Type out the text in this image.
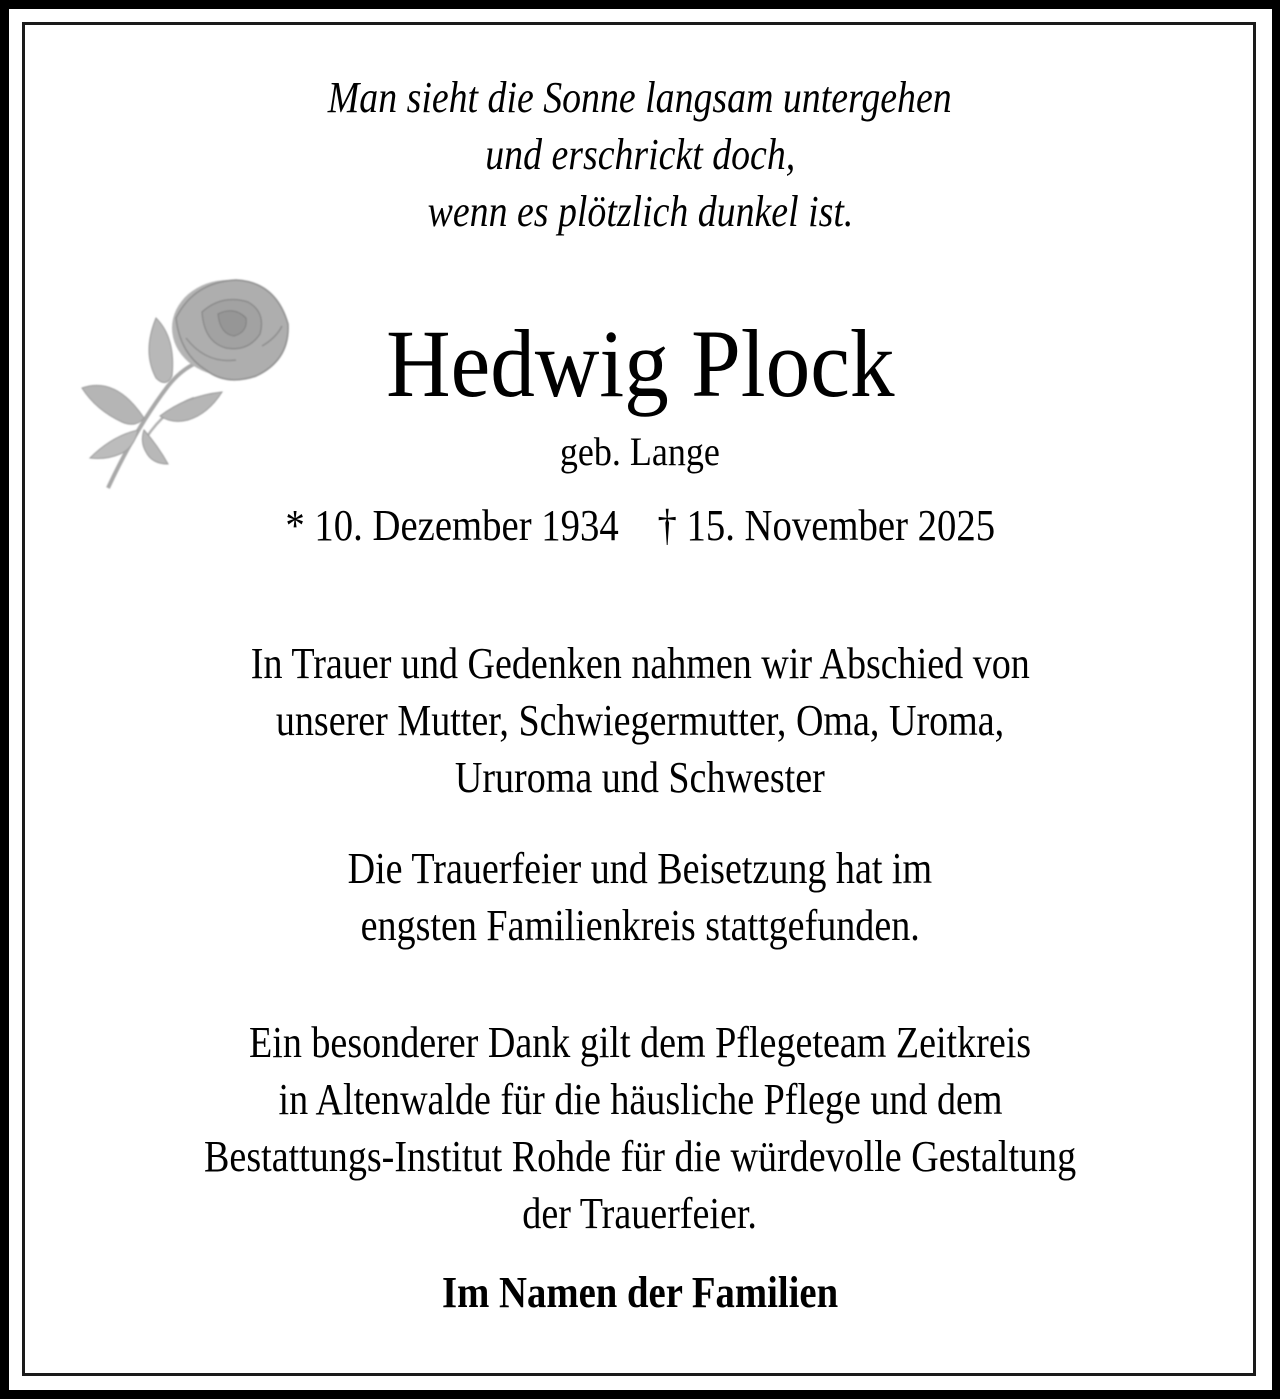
Man sieht die Sonne langsam untergehen
und erschrickt doch,
wenn es plötzlich dunkel ist.
Hedwig Plock
geb. Lange
* 10. Dezember 1934 † 15. November 2025
In Trauer und Gedenken nahmen wir Abschied von
unserer Mutter, Schwiegermutter, Oma, Uroma,
Ururoma und Schwester
Die Trauerfeier und Beisetzung hat im
engsten Familienkreis stattgefunden.
Ein besonderer Dank gilt dem Pflegeteam Zeitkreis
in Altenwalde für die häusliche Pflege und dem
Bestattungs-Institut Rohde für die würdevolle Gestaltung
der Trauerfeier.
Im Namen der Familien
